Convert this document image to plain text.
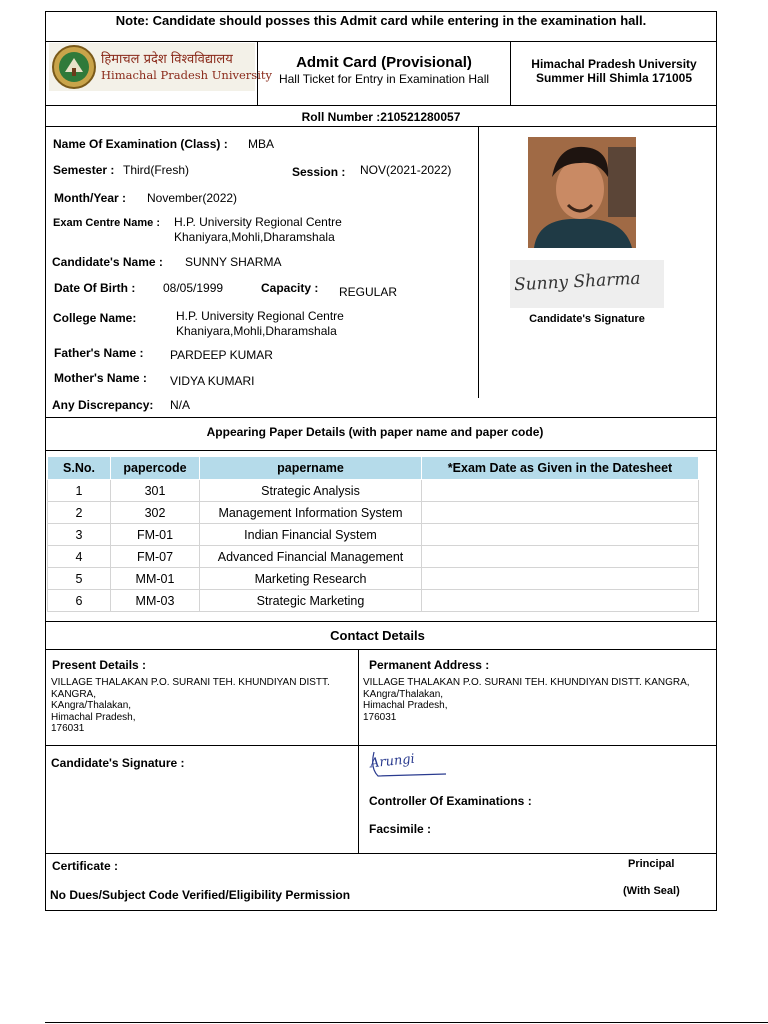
Note: Candidate should posses this Admit card while entering in the examination hall.
हिमाचल प्रदेश विश्वविद्यालय
Himachal Pradesh University
Admit Card (Provisional)
Hall Ticket for Entry in Examination Hall
Himachal Pradesh University
Summer Hill Shimla 171005
Roll Number :210521280057
Name Of Examination (Class) : MBA
Semester : Third(Fresh)	Session : NOV(2021-2022)
Month/Year : November(2022)
Exam Centre Name : H.P. University Regional Centre
Khaniyara,Mohli,Dharamshala
Candidate's Name : SUNNY SHARMA
Date Of Birth : 08/05/1999	Capacity : REGULAR
College Name:	H.P. University Regional Centre
Khaniyara,Mohli,Dharamshala
Father's Name : PARDEEP KUMAR
Mother's Name : VIDYA KUMARI
Any Discrepancy: N/A
Sunny Sharma
Candidate's Signature
Appearing Paper Details (with paper name and paper code)
S.No.	papercode	papername	*Exam Date as Given in the Datesheet
1	301	Strategic Analysis	
2	302	Management Information System	
3	FM-01	Indian Financial System	
4	FM-07	Advanced Financial Management	
5	MM-01	Marketing Research	
6	MM-03	Strategic Marketing	
Contact Details
Present Details :
VILLAGE THALAKAN P.O. SURANI TEH. KHUNDIYAN DISTT.
KANGRA,
KAngra/Thalakan,
Himachal Pradesh,
176031
Permanent Address :
VILLAGE THALAKAN P.O. SURANI TEH. KHUNDIYAN DISTT. KANGRA,
KAngra/Thalakan,
Himachal Pradesh,
176031
Candidate's Signature :	Arungi
Controller Of Examinations :
Facsimile :
Certificate :
No Dues/Subject Code Verified/Eligibility Permission
Principal
(With Seal)
